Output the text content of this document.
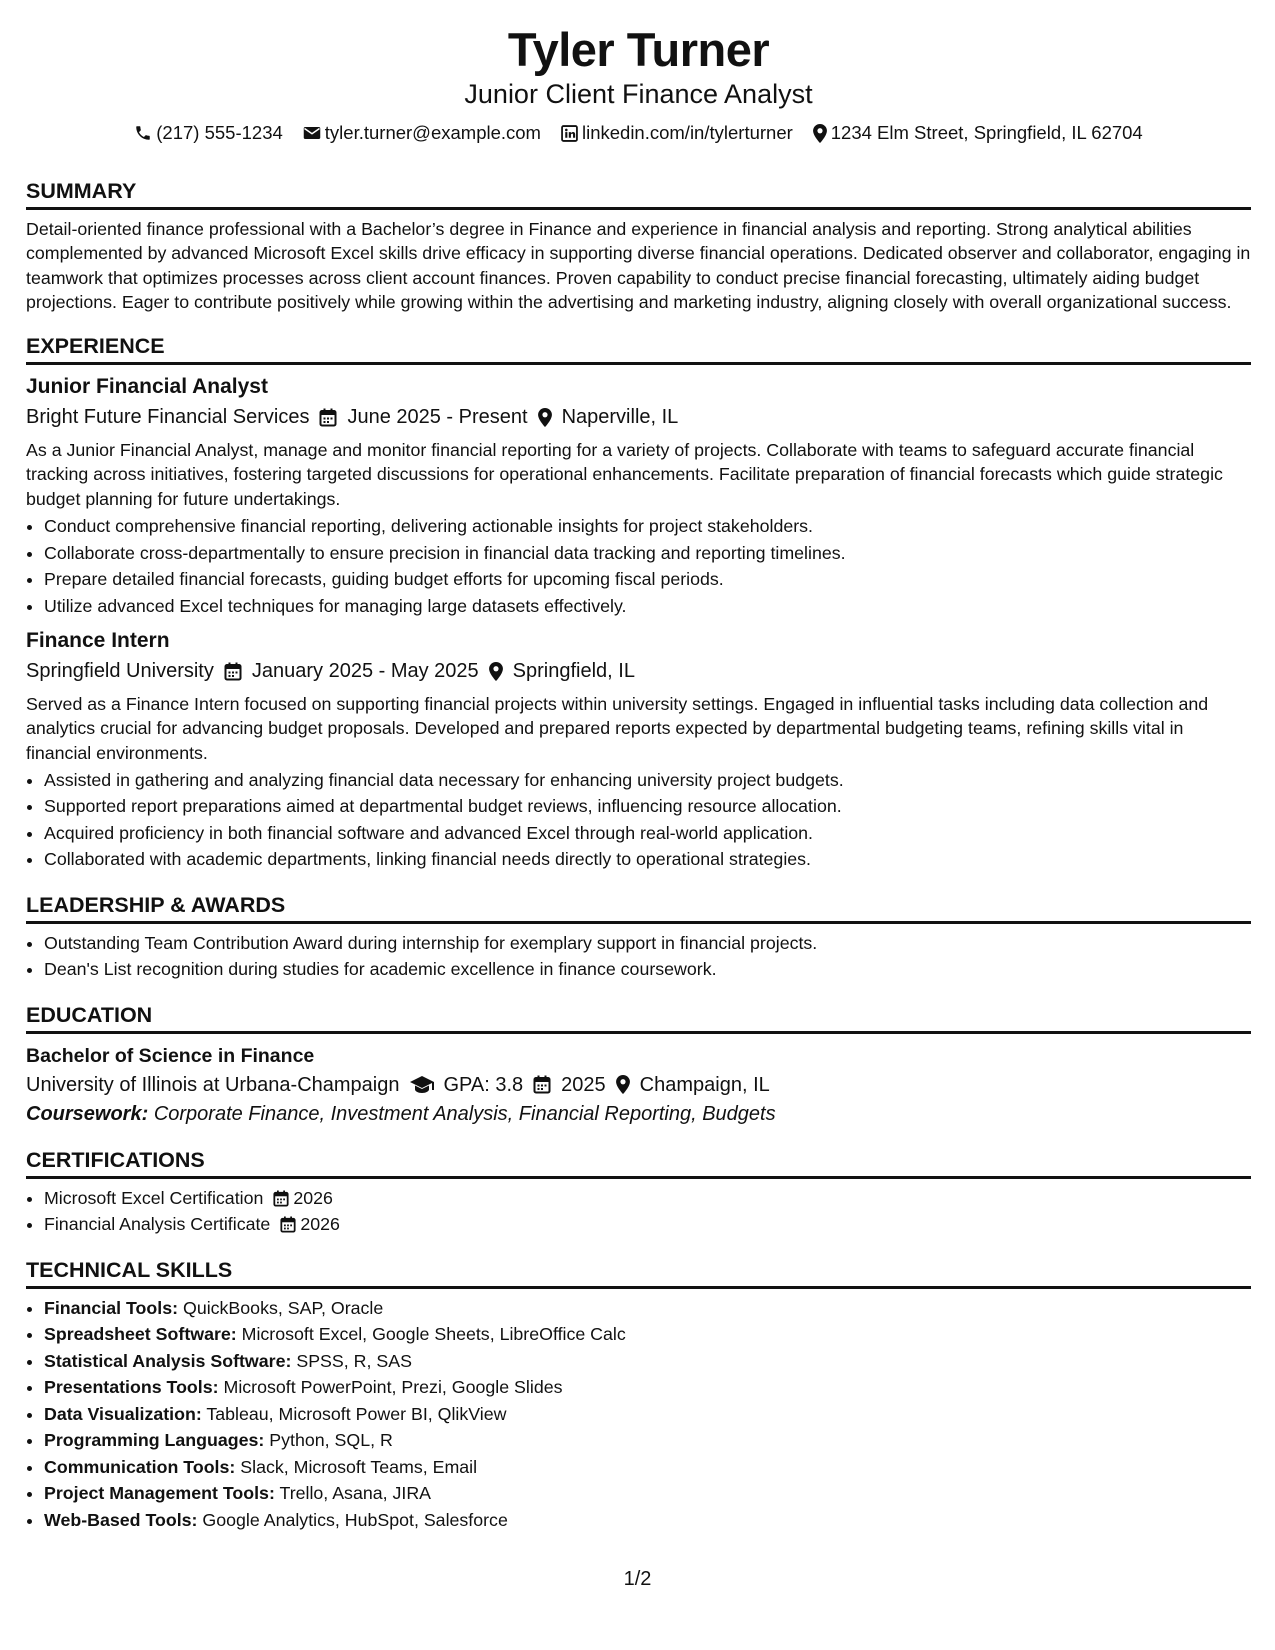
Tyler Turner
Junior Client Finance Analyst
(217) 555-1234 tyler.turner@example.com linkedin.com/in/tylerturner 1234 Elm Street, Springfield, IL 62704
SUMMARY

Detail-oriented finance professional with a Bachelor’s degree in Finance and experience in financial analysis and reporting. Strong analytical abilities complemented by advanced Microsoft Excel skills drive efficacy in supporting diverse financial operations. Dedicated observer and collaborator, engaging in teamwork that optimizes processes across client account finances. Proven capability to conduct precise financial forecasting, ultimately aiding budget projections. Eager to contribute positively while growing within the advertising and marketing industry, aligning closely with overall organizational success.

EXPERIENCE
Junior Financial Analyst
Bright Future Financial Services June 2025 - Present Naperville, IL

As a Junior Financial Analyst, manage and monitor financial reporting for a variety of projects. Collaborate with teams to safeguard accurate financial tracking across initiatives, fostering targeted discussions for operational enhancements. Facilitate preparation of financial forecasts which guide strategic budget planning for future undertakings.

• Conduct comprehensive financial reporting, delivering actionable insights for project stakeholders.
• Collaborate cross-departmentally to ensure precision in financial data tracking and reporting timelines.
• Prepare detailed financial forecasts, guiding budget efforts for upcoming fiscal periods.
• Utilize advanced Excel techniques for managing large datasets effectively.
Finance Intern
Springfield University January 2025 - May 2025 Springfield, IL

Served as a Finance Intern focused on supporting financial projects within university settings. Engaged in influential tasks including data collection and analytics crucial for advancing budget proposals. Developed and prepared reports expected by departmental budgeting teams, refining skills vital in financial environments.

• Assisted in gathering and analyzing financial data necessary for enhancing university project budgets.
• Supported report preparations aimed at departmental budget reviews, influencing resource allocation.
• Acquired proficiency in both financial software and advanced Excel through real-world application.
• Collaborated with academic departments, linking financial needs directly to operational strategies.
LEADERSHIP & AWARDS
• Outstanding Team Contribution Award during internship for exemplary support in financial projects.
• Dean's List recognition during studies for academic excellence in finance coursework.
EDUCATION
Bachelor of Science in Finance
University of Illinois at Urbana-Champaign GPA: 3.8 2025 Champaign, IL
Coursework: Corporate Finance, Investment Analysis, Financial Reporting, Budgets
CERTIFICATIONS
• Microsoft Excel Certification 2026
• Financial Analysis Certificate 2026
TECHNICAL SKILLS
• Financial Tools: QuickBooks, SAP, Oracle
• Spreadsheet Software: Microsoft Excel, Google Sheets, LibreOffice Calc
• Statistical Analysis Software: SPSS, R, SAS
• Presentations Tools: Microsoft PowerPoint, Prezi, Google Slides
• Data Visualization: Tableau, Microsoft Power BI, QlikView
• Programming Languages: Python, SQL, R
• Communication Tools: Slack, Microsoft Teams, Email
• Project Management Tools: Trello, Asana, JIRA
• Web-Based Tools: Google Analytics, HubSpot, Salesforce
1/2
